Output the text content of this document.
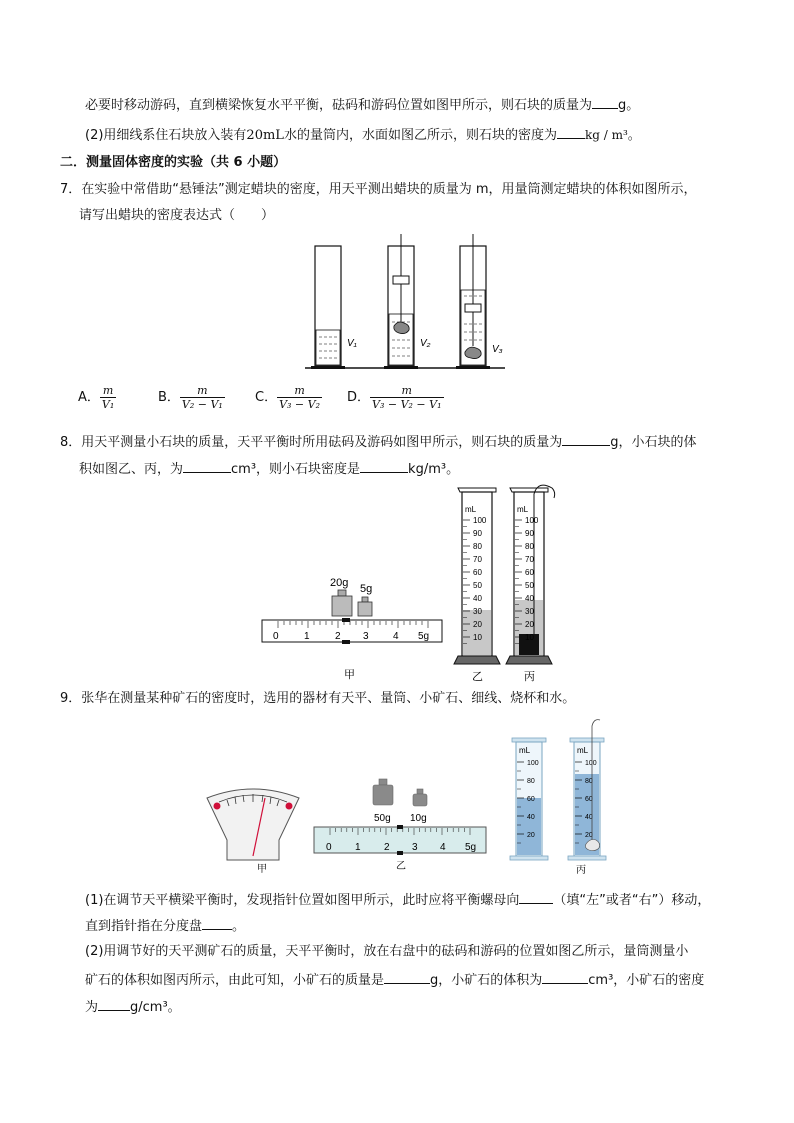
必要时移动游码，直到横梁恢复水平平衡，砝码和游码位置如图甲所示，则石块的质量为 g。
(2)用细线系住石块放入装有20mL水的量筒内，水面如图乙所示，则石块的密度为 kg / m³。
二．测量固体密度的实验（共 6 小题）
7．在实验中常借助“悬锤法”测定蜡块的密度，用天平测出蜡块的质量为 m，用量筒测定蜡块的体积如图所示，
请写出蜡块的密度表达式（　　）
V₁	V₂
V₃
A． $\frac{m}{\text{V₁}}$	B． $\frac{m}{\text{V₂ − V₁}}$ C． $\frac{m}{\text{V₃ − V₂}}$ D． $\frac{m}{\text{V₃ − V₂ − V₁}}$
8．用天平测量小石块的质量，天平平衡时所用砝码及游码如图甲所示，则石块的质量为	g，小石块的体
积如图乙、丙，为	cm³，则小石块密度是	kg/m³。
20g 5g
0	1	2 3 4 5g
甲
mL
100
90
80
70
60
50
40
30
20
10
mL
100
90
80
70
60
50
40
30
20
10
乙	丙
9．张华在测量某种矿石的密度时，选用的器材有天平、量筒、小矿石、细线、烧杯和水。
甲
50g 10g
0 1 2 3 4 5g
乙
mL
100
80
60
40
20
mL
100
80
60
40
20
丙
(1)在调节天平横梁平衡时，发现指针位置如图甲所示，此时应将平衡螺母向	（填“左”或者“右”）移动，
直到指针指在分度盘 。
(2)用调节好的天平测矿石的质量，天平平衡时，放在右盘中的砝码和游码的位置如图乙所示，量筒测量小
矿石的体积如图丙所示，由此可知，小矿石的质量是	g，小矿石的体积为	cm³，小矿石的密度
为 g/cm³。
